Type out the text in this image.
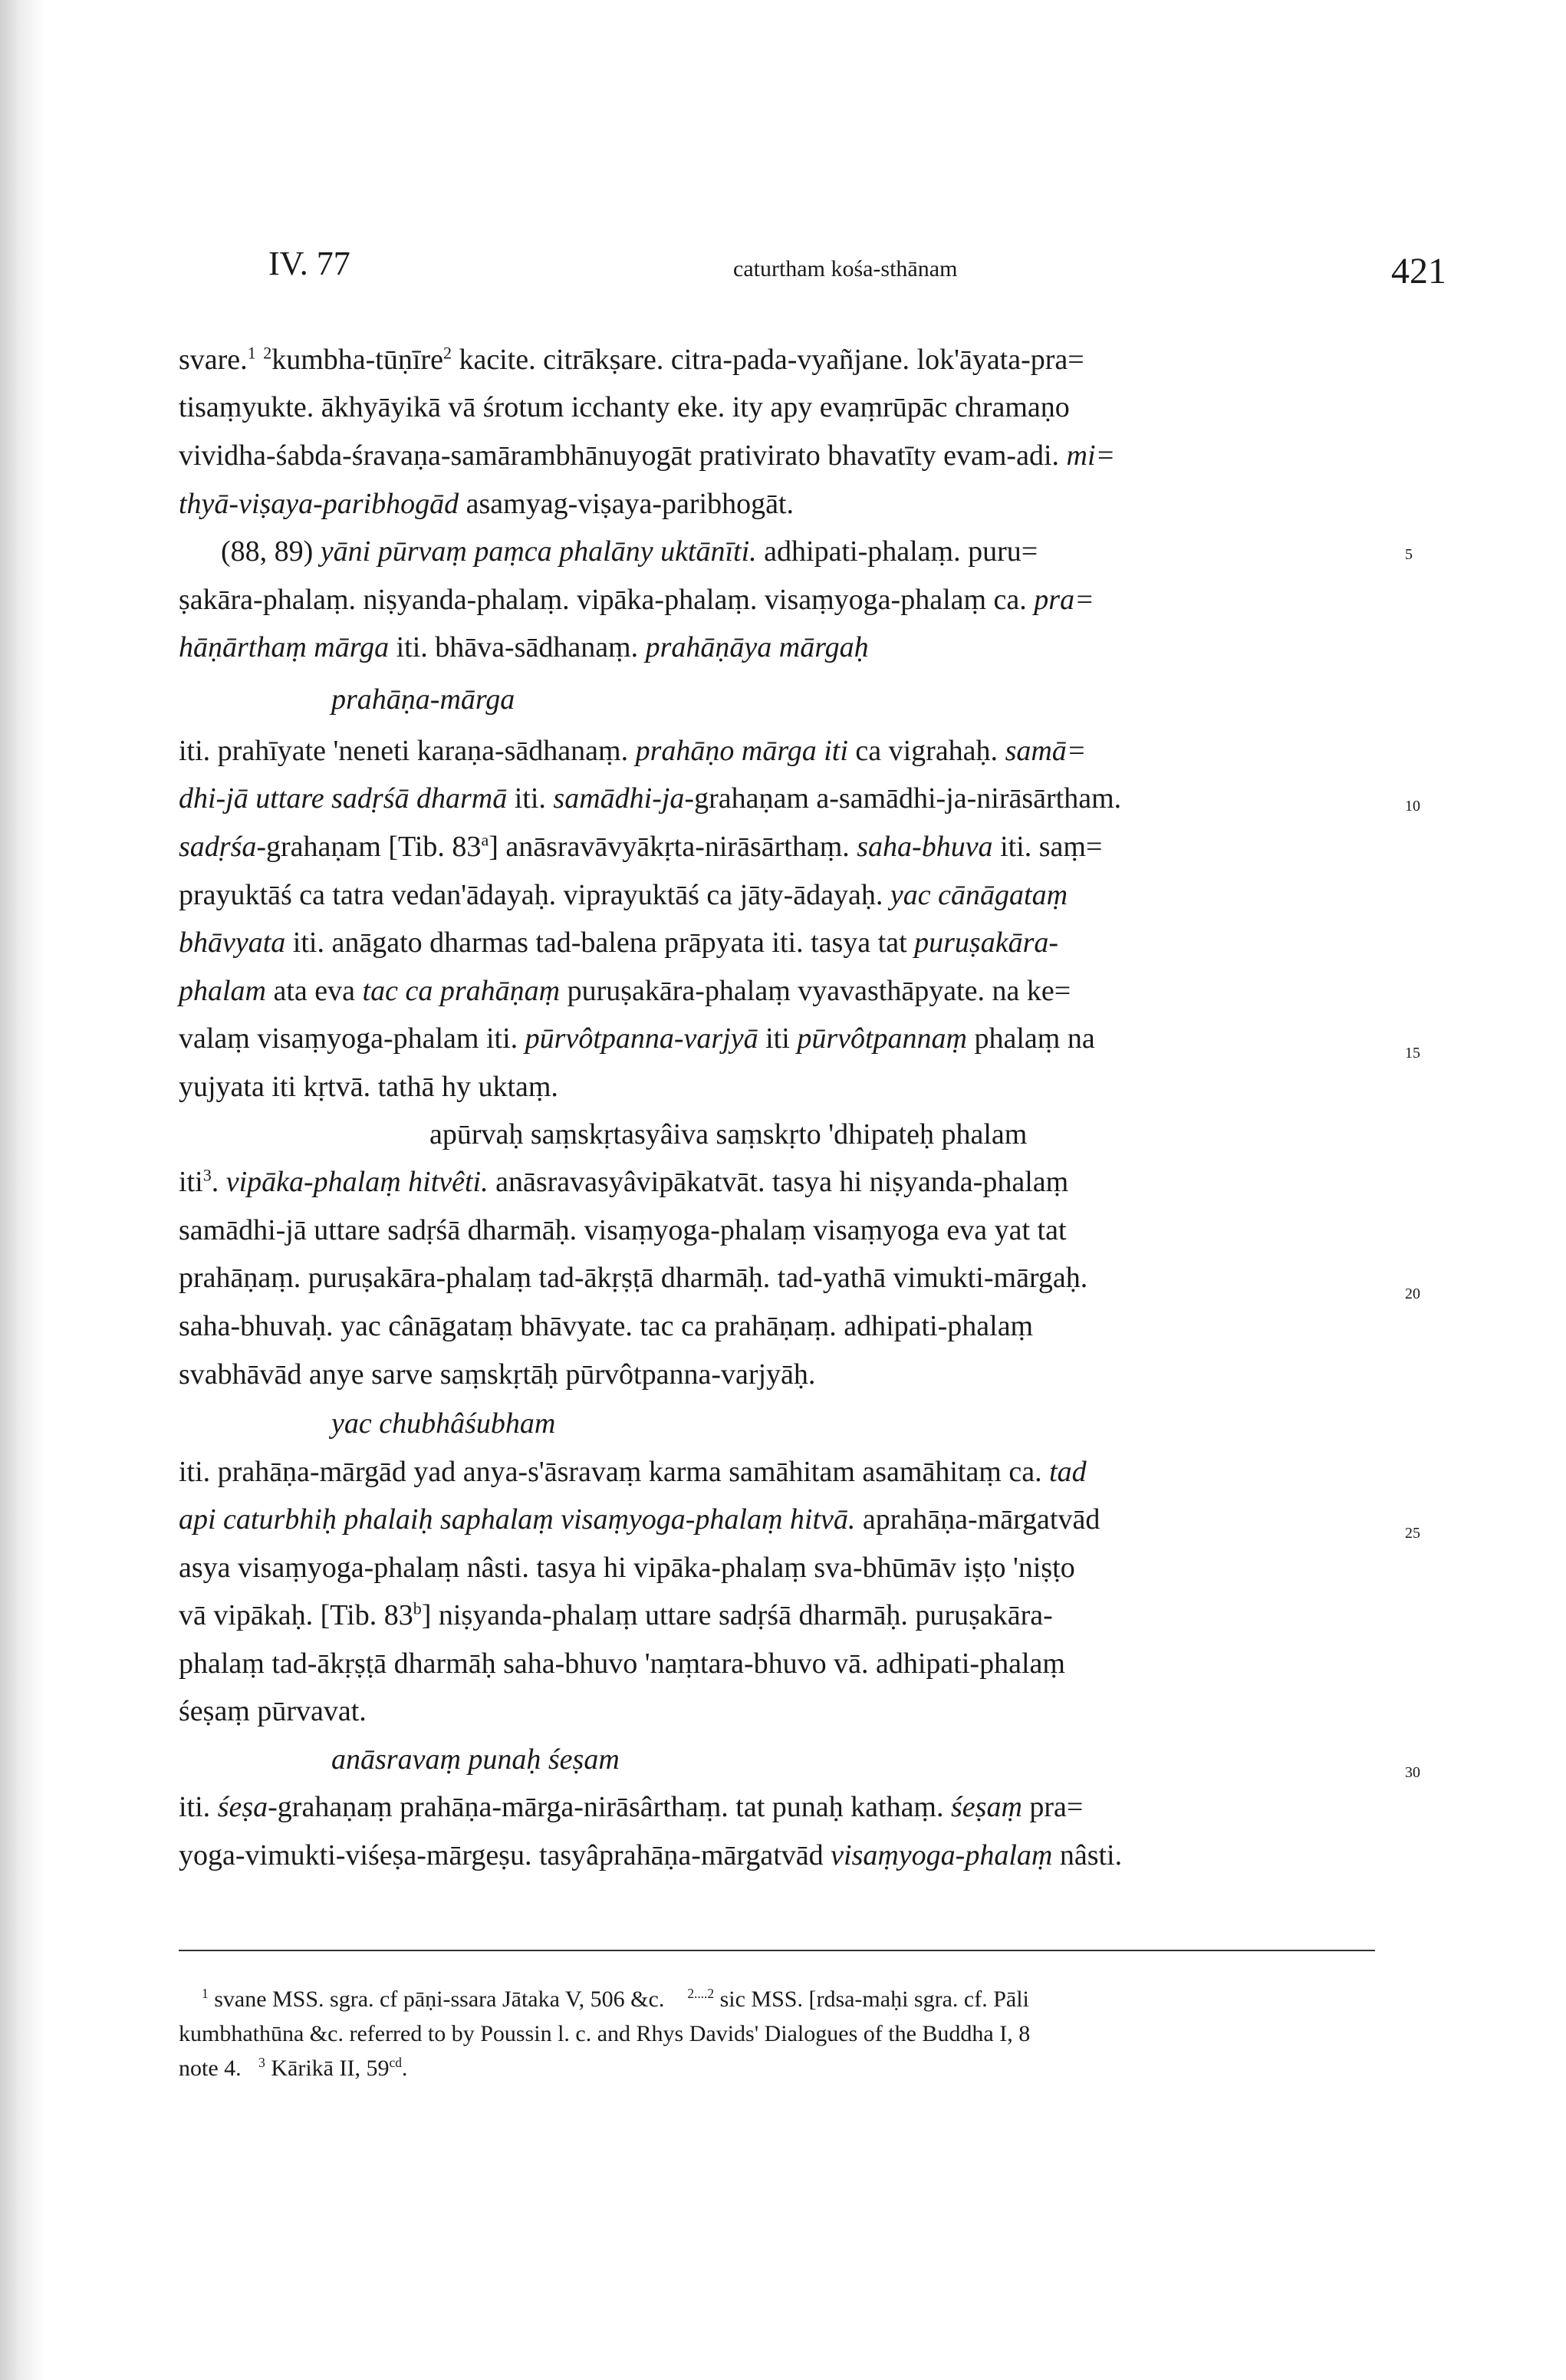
IV. 77	caturtham kośa-sthānam	421
svare.$^1$ $^2$kumbha-tūṇīre$^2$ kacite. citrākṣare. citra-pada-vyañjane. lok'āyata-pra=
tisaṃyukte. ākhyāyikā vā śrotum icchanty eke. ity apy evaṃrūpāc chramaṇo
vividha-śabda-śravaṇa-samārambhānuyogāt prativirato bhavatīty evam-adi. mi=
thyā-viṣaya-paribhogād asamyag-viṣaya-paribhogāt.
(88, 89) yāni pūrvaṃ paṃca phalāny uktānīti. adhipati-phalaṃ. puru=	5
ṣakāra-phalaṃ. niṣyanda-phalaṃ. vipāka-phalaṃ. visaṃyoga-phalaṃ ca. pra=
hāṇārthaṃ mārga iti. bhāva-sādhanaṃ. prahāṇāya mārgaḥ
prahāṇa-mārga
iti. prahīyate 'neneti karaṇa-sādhanaṃ. prahāṇo mārga iti ca vigrahaḥ. samā=
dhi-jā uttare sadṛśā dharmā iti. samādhi-ja-grahaṇam a-samādhi-ja-nirāsārtham.	10
sadṛśa-grahaṇam [Tib. 83$^a$] anāsravāvyākṛta-nirāsārthaṃ. saha-bhuva iti. saṃ=
prayuktāś ca tatra vedan'ādayaḥ. viprayuktāś ca jāty-ādayaḥ. yac cānāgataṃ
bhāvyata iti. anāgato dharmas tad-balena prāpyata iti. tasya tat puruṣakāra-
phalam ata eva tac ca prahāṇaṃ puruṣakāra-phalaṃ vyavasthāpyate. na ke=
valaṃ visaṃyoga-phalam iti. pūrvôtpanna-varjyā iti pūrvôtpannaṃ phalaṃ na	15
yujyata iti kṛtvā. tathā hy uktaṃ.
apūrvaḥ saṃskṛtasyâiva saṃskṛto 'dhipateḥ phalam
iti$^3$. vipāka-phalaṃ hitvêti. anāsravasyâvipākatvāt. tasya hi niṣyanda-phalaṃ
samādhi-jā uttare sadṛśā dharmāḥ. visaṃyoga-phalaṃ visaṃyoga eva yat tat
prahāṇaṃ. puruṣakāra-phalaṃ tad-ākṛṣṭā dharmāḥ. tad-yathā vimukti-mārgaḥ.	20
saha-bhuvaḥ. yac cânāgataṃ bhāvyate. tac ca prahāṇaṃ. adhipati-phalaṃ
svabhāvād anye sarve saṃskṛtāḥ pūrvôtpanna-varjyāḥ.
yac chubhâśubham
iti. prahāṇa-mārgād yad anya-s'āsravaṃ karma samāhitam asamāhitaṃ ca. tad
api caturbhiḥ phalaiḥ saphalaṃ visaṃyoga-phalaṃ hitvā. aprahāṇa-mārgatvād	25
asya visaṃyoga-phalaṃ nâsti. tasya hi vipāka-phalaṃ sva-bhūmāv iṣṭo 'niṣṭo
vā vipākaḥ. [Tib. 83$^b$] niṣyanda-phalaṃ uttare sadṛśā dharmāḥ. puruṣakāra-
phalaṃ tad-ākṛṣṭā dharmāḥ saha-bhuvo 'naṃtara-bhuvo vā. adhipati-phalaṃ
śeṣaṃ pūrvavat.
anāsravaṃ punaḥ śeṣam	30
iti. śeṣa-grahaṇaṃ prahāṇa-mārga-nirāsârthaṃ. tat punaḥ kathaṃ. śeṣaṃ pra=
yoga-vimukti-viśeṣa-mārgeṣu. tasyâprahāṇa-mārgatvād visaṃyoga-phalaṃ nâsti.
$^1$ svane MSS. sgra. cf pāṇi-ssara Jātaka V, 506 &c. $^{2....2}$ sic MSS. [rdsa-maḥi sgra. cf. Pāli
kumbhathūna &c. referred to by Poussin l. c. and Rhys Davids' Dialogues of the Buddha I, 8
note 4. $^3$ Kārikā II, $59^{cd}$.
